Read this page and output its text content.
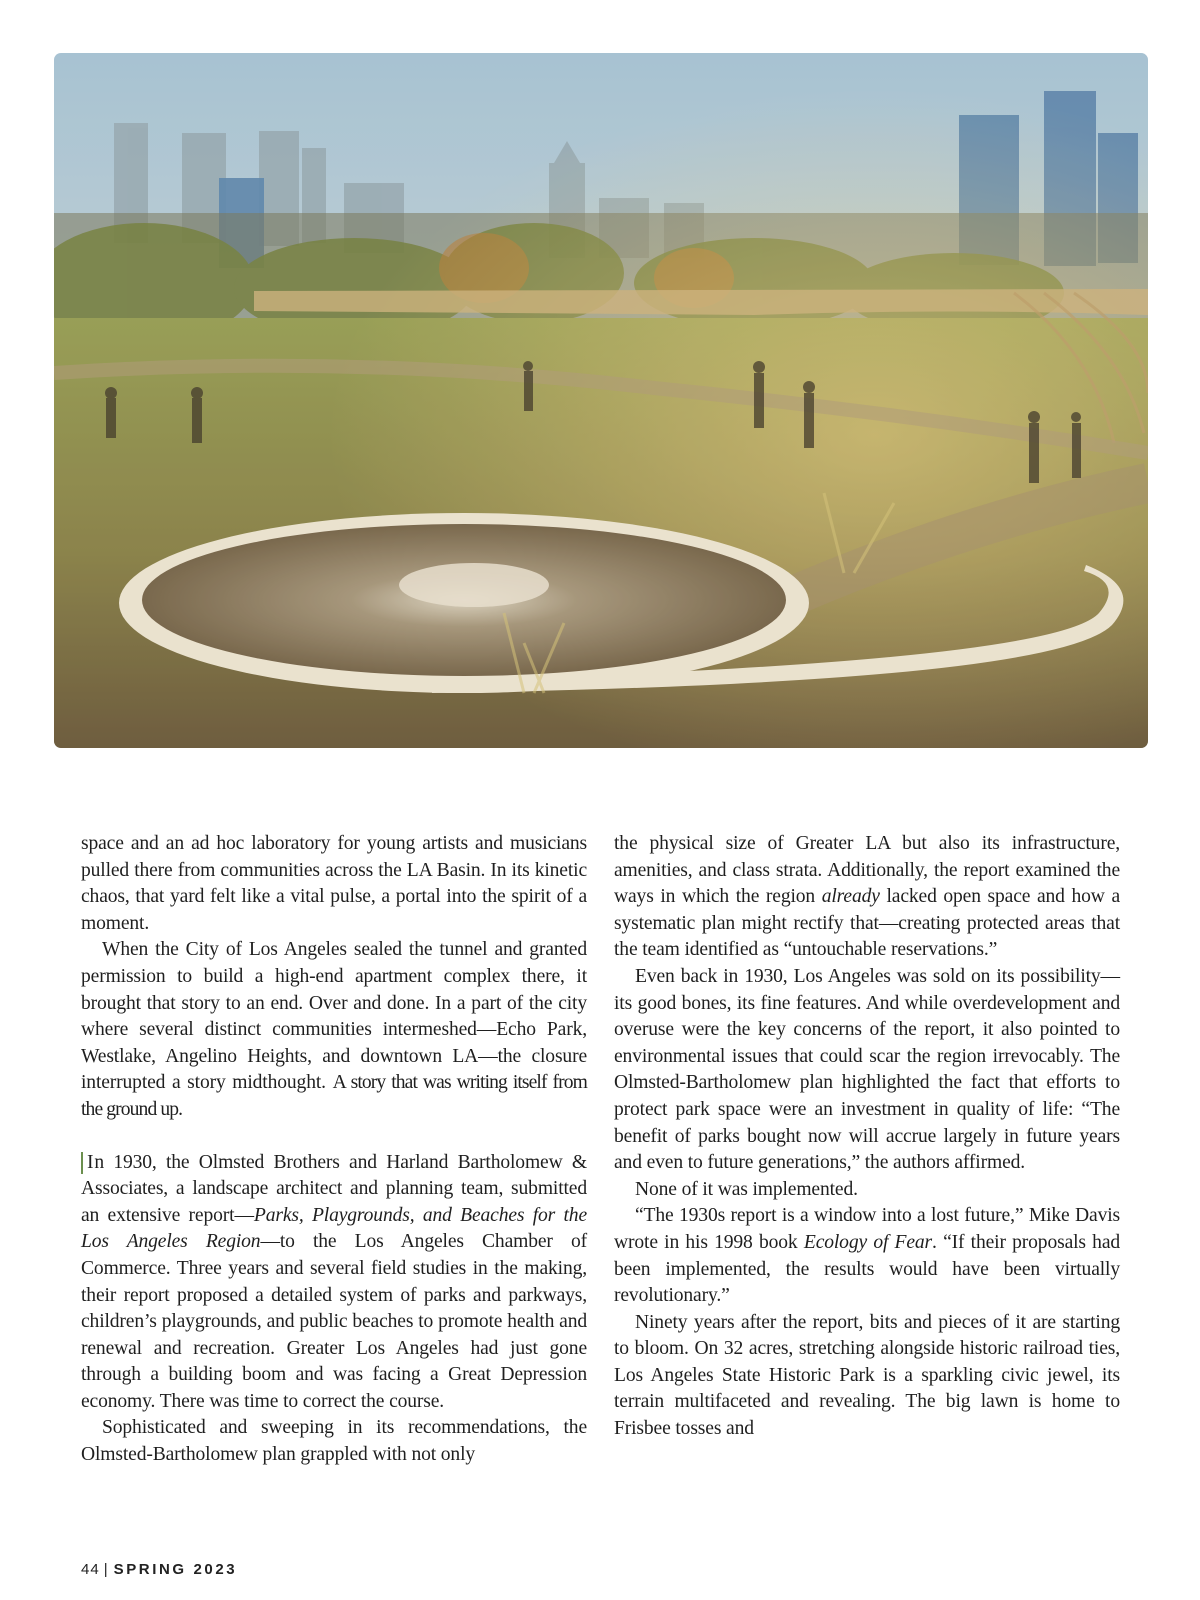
space and an ad hoc laboratory for young artists and musicians pulled there from communities across the LA Basin. In its kinetic chaos, that yard felt like a vital pulse, a portal into the spirit of a moment.

When the City of Los Angeles sealed the tunnel and granted permission to build a high-end apartment complex there, it brought that story to an end. Over and done. In a part of the city where several distinct communities intermeshed—Echo Park, Westlake, Angelino Heights, and downtown LA—the closure interrupted a story midthought. A story that was writing itself from the ground up.

In 1930, the Olmsted Brothers and Harland Bartholomew & Associates, a landscape architect and planning team, submitted an extensive report—Parks, Playgrounds, and Beaches for the Los Angeles Region—to the Los Angeles Chamber of Commerce. Three years and several field studies in the making, their report proposed a detailed system of parks and parkways, children’s playgrounds, and public beaches to promote health and renewal and recreation. Greater Los Angeles had just gone through a building boom and was facing a Great Depression economy. There was time to correct the course.

Sophisticated and sweeping in its recommendations, the Olmsted-Bartholomew plan grappled with not only

the physical size of Greater LA but also its infrastructure, amenities, and class strata. Additionally, the report examined the ways in which the region already lacked open space and how a systematic plan might rectify that—creating protected areas that the team identified as “untouchable reservations.”

Even back in 1930, Los Angeles was sold on its possibility—its good bones, its fine features. And while overdevelopment and overuse were the key concerns of the report, it also pointed to environmental issues that could scar the region irrevocably. The Olmsted-Bartholomew plan highlighted the fact that efforts to protect park space were an investment in quality of life: “The benefit of parks bought now will accrue largely in future years and even to future generations,” the authors affirmed.

None of it was implemented.

“The 1930s report is a window into a lost future,” Mike Davis wrote in his 1998 book Ecology of Fear. “If their proposals had been implemented, the results would have been virtually revolutionary.”

Ninety years after the report, bits and pieces of it are starting to bloom. On 32 acres, stretching alongside historic railroad ties, Los Angeles State Historic Park is a sparkling civic jewel, its terrain multifaceted and revealing. The big lawn is home to Frisbee tosses and

44 | SPRING 2023
